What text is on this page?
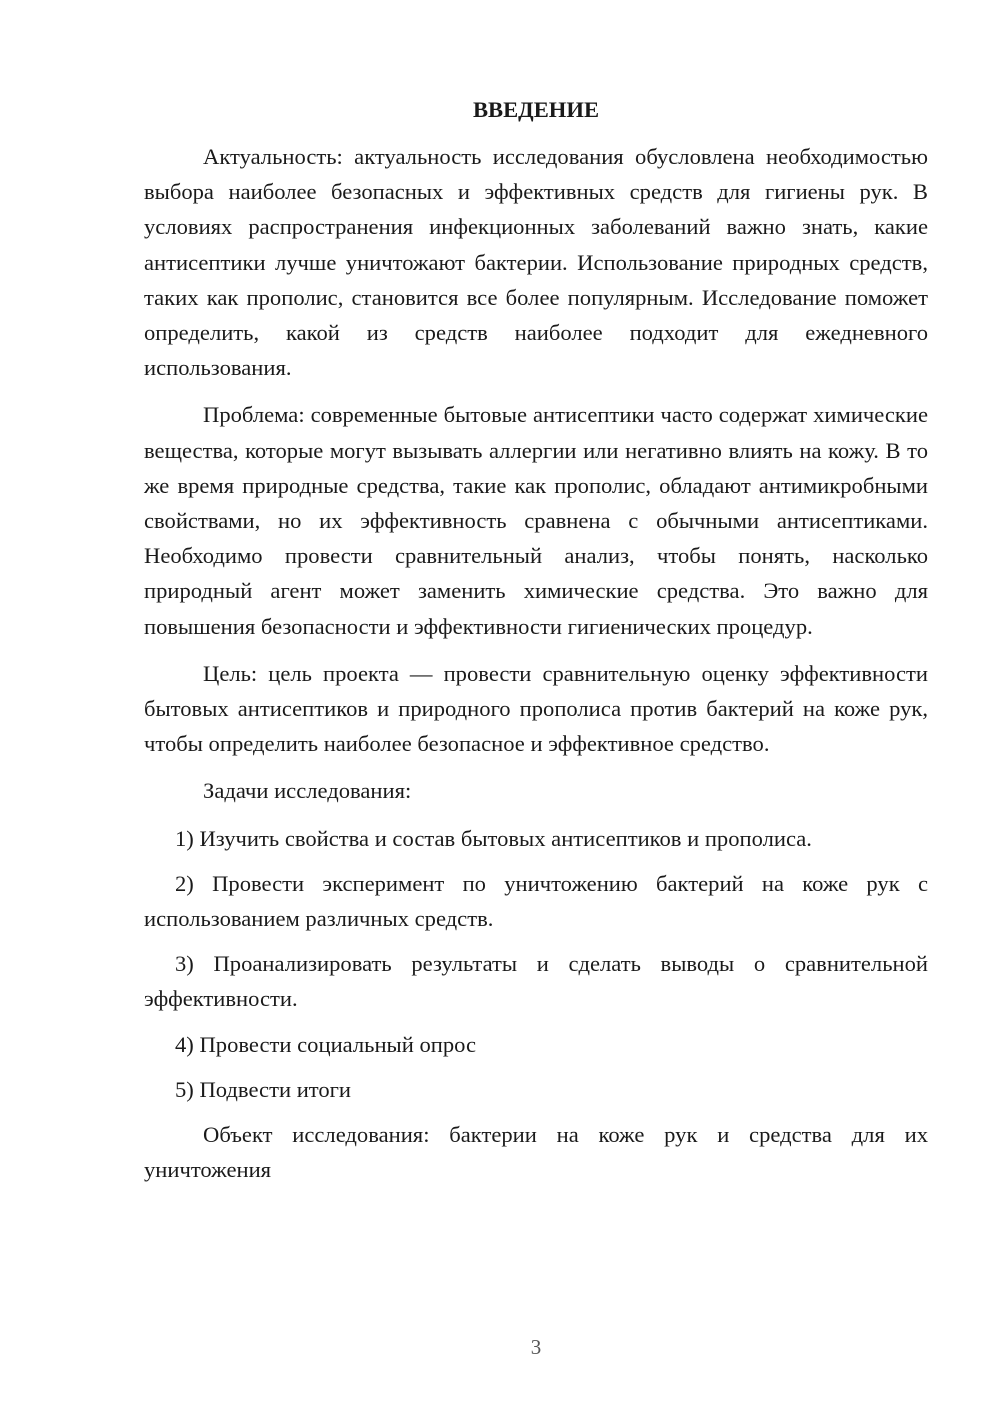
ВВЕДЕНИЕ

Актуальность: актуальность исследования обусловлена необходимостью выбора наиболее безопасных и эффективных средств для гигиены рук. В условиях распространения инфекционных заболеваний важно знать, какие антисептики лучше уничтожают бактерии. Использование природных средств, таких как прополис, становится все более популярным. Исследование поможет определить, какой из средств наиболее подходит для ежедневного использования.

Проблема: современные бытовые антисептики часто содержат химические вещества, которые могут вызывать аллергии или негативно влиять на кожу. В то же время природные средства, такие как прополис, обладают антимикробными свойствами, но их эффективность сравнена с обычными антисептиками. Необходимо провести сравнительный анализ, чтобы понять, насколько природный агент может заменить химические средства. Это важно для повышения безопасности и эффективности гигиенических процедур.

Цель: цель проекта — провести сравнительную оценку эффективности бытовых антисептиков и природного прополиса против бактерий на коже рук, чтобы определить наиболее безопасное и эффективное средство.

Задачи исследования:

1) Изучить свойства и состав бытовых антисептиков и прополиса.

2) Провести эксперимент по уничтожению бактерий на коже рук с использованием различных средств.

3) Проанализировать результаты и сделать выводы о сравнительной эффективности.

4) Провести социальный опрос

5) Подвести итоги

Объект исследования: бактерии на коже рук и средства для их уничтожения

3
